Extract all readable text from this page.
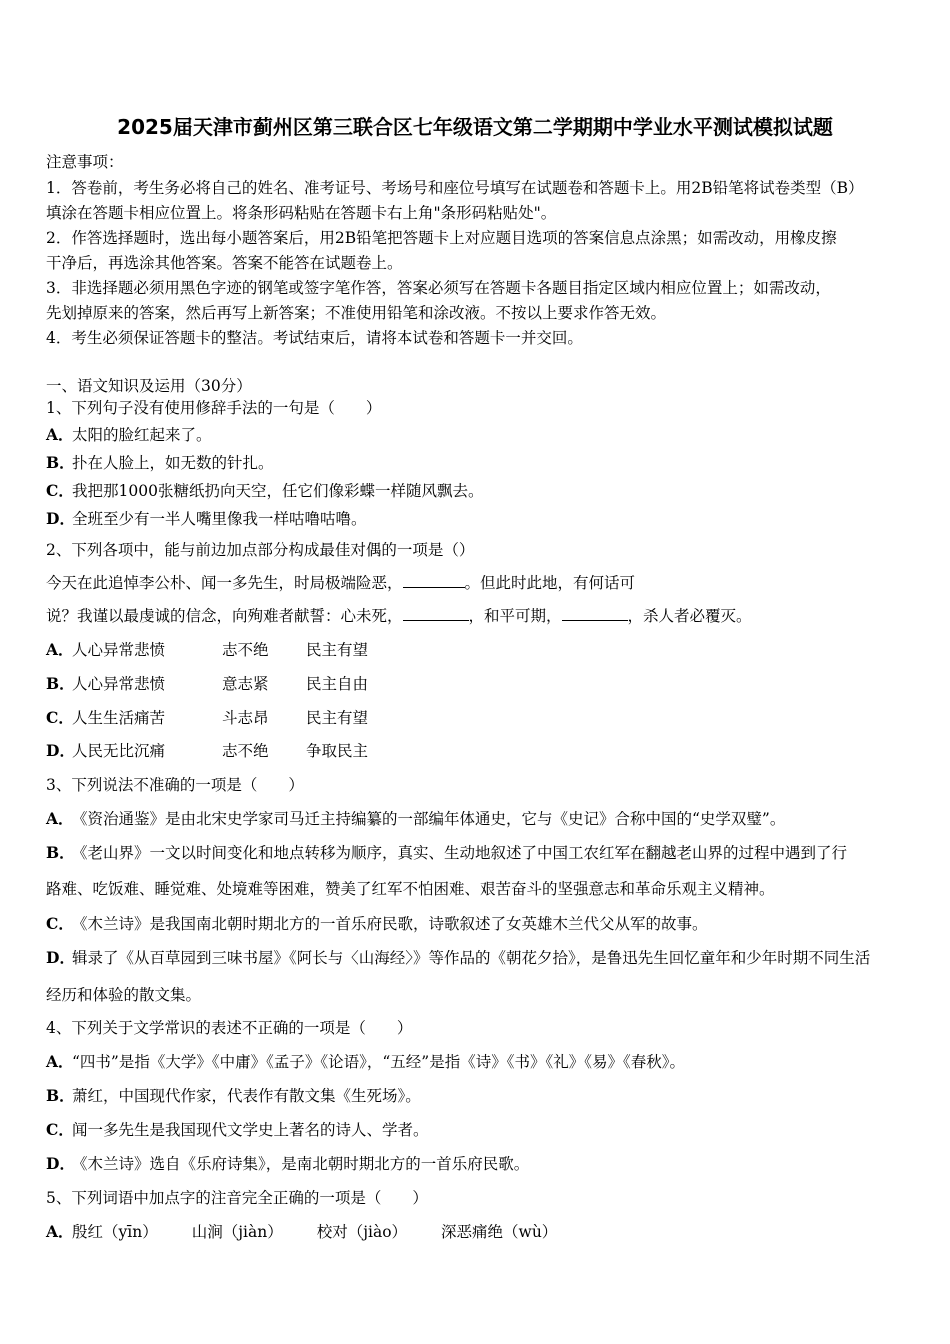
2025届天津市蓟州区第三联合区七年级语文第二学期期中学业水平测试模拟试题
注意事项：
1．答卷前，考生务必将自己的姓名、准考证号、考场号和座位号填写在试题卷和答题卡上。用2B铅笔将试卷类型（B）
填涂在答题卡相应位置上。将条形码粘贴在答题卡右上角"条形码粘贴处"。
2．作答选择题时，选出每小题答案后，用2B铅笔把答题卡上对应题目选项的答案信息点涂黑；如需改动，用橡皮擦
干净后，再选涂其他答案。答案不能答在试题卷上。
3．非选择题必须用黑色字迹的钢笔或签字笔作答，答案必须写在答题卡各题目指定区域内相应位置上；如需改动，
先划掉原来的答案，然后再写上新答案；不准使用铅笔和涂改液。不按以上要求作答无效。
4．考生必须保证答题卡的整洁。考试结束后，请将本试卷和答题卡一并交回。
一、语文知识及运用（30分）
1、下列句子没有使用修辞手法的一句是（　　）
A．太阳的脸红起来了。
B．扑在人脸上，如无数的针扎。
C．我把那1000张糖纸扔向天空，任它们像彩蝶一样随风飘去。
D．全班至少有一半人嘴里像我一样咕噜咕噜。
2、下列各项中，能与前边加点部分构成最佳对偶的一项是（）
今天在此追悼李公朴、闻一多先生，时局极端险恶，	。但此时此地，有何话可
说？我谨以最虔诚的信念，向殉难者献誓：心未死，	，和平可期，	，杀人者必覆灭。
A．人心异常悲愤	志不绝 民主有望
B．人心异常悲愤	意志紧 民主自由
C．人生生活痛苦	斗志昂 民主有望
D．人民无比沉痛	志不绝 争取民主
3、下列说法不准确的一项是（　　）
A．《资治通鉴》是由北宋史学家司马迁主持编纂的一部编年体通史，它与《史记》合称中国的“史学双璧”。
B．《老山界》一文以时间变化和地点转移为顺序，真实、生动地叙述了中国工农红军在翻越老山界的过程中遇到了行
路难、吃饭难、睡觉难、处境难等困难，赞美了红军不怕困难、艰苦奋斗的坚强意志和革命乐观主义精神。
C．《木兰诗》是我国南北朝时期北方的一首乐府民歌，诗歌叙述了女英雄木兰代父从军的故事。
D．辑录了《从百草园到三味书屋》《阿长与〈山海经〉》等作品的《朝花夕拾》，是鲁迅先生回忆童年和少年时期不同生活
经历和体验的散文集。
4、下列关于文学常识的表述不正确的一项是（　　）
A．“四书”是指《大学》《中庸》《孟子》《论语》，“五经”是指《诗》《书》《礼》《易》《春秋》。
B．萧红，中国现代作家，代表作有散文集《生死场》。
C．闻一多先生是我国现代文学史上著名的诗人、学者。
D．《木兰诗》选自《乐府诗集》，是南北朝时期北方的一首乐府民歌。
5、下列词语中加点字的注音完全正确的一项是（　　）
A．殷红（yīn） 山涧（jiàn） 校对（jiào） 深恶痛绝（wù）
